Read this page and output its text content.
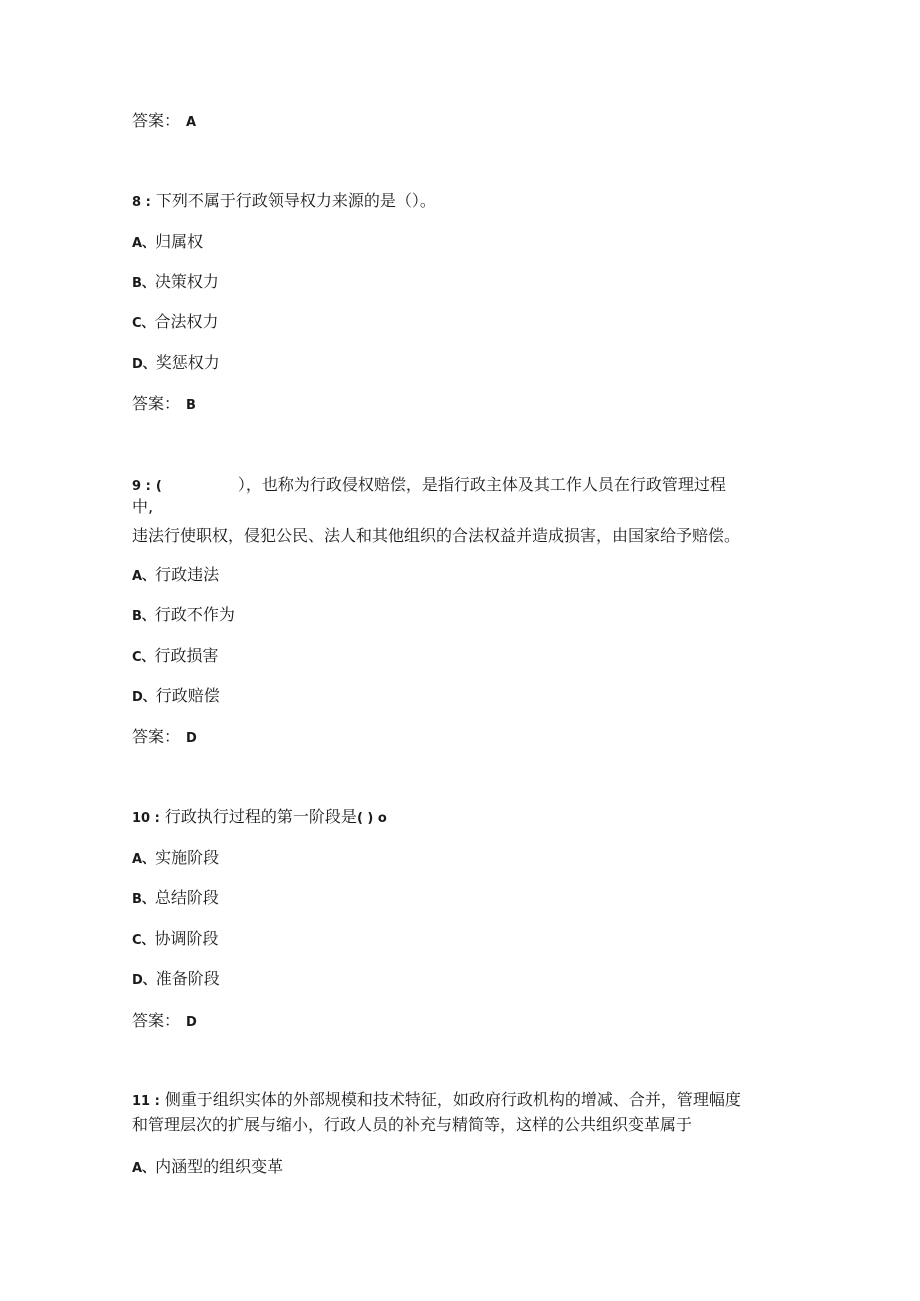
答案： A
8 : 下列不属于行政领导权力来源的是（）。
A、归属权
B、决策权力
C、合法权力
D、奖惩权力
答案： B
9 : (	），也称为行政侵权赔偿，是指行政主体及其工作人员在行政管理过程
中,
违法行使职权，侵犯公民、法人和其他组织的合法权益并造成损害，由国家给予赔偿。
A、行政违法
B、行政不作为
C、行政损害
D、行政赔偿
答案： D
10 : 行政执行过程的第一阶段是( ) o
A、实施阶段
B、总结阶段
C、协调阶段
D、准备阶段
答案： D
11 : 侧重于组织实体的外部规模和技术特征，如政府行政机构的增减、合并，管理幅度
和管理层次的扩展与缩小，行政人员的补充与精简等，这样的公共组织变革属于
A、内涵型的组织变革
